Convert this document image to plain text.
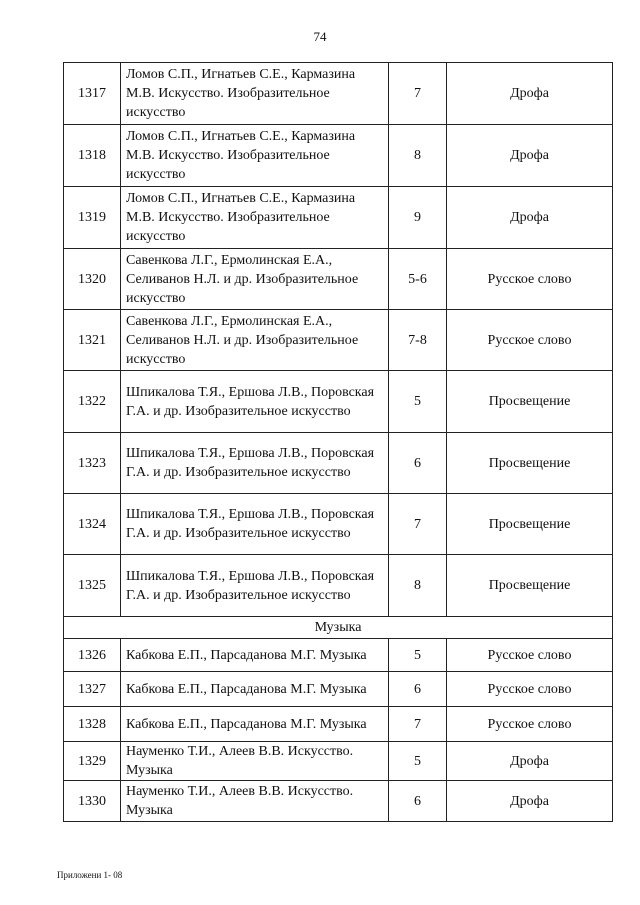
74
1317	Ломов С.П., Игнатьев С.Е., Кармазина М.В. Искусство. Изобразительное искусство	7	Дрофа
1318	Ломов С.П., Игнатьев С.Е., Кармазина М.В. Искусство. Изобразительное искусство	8	Дрофа
1319	Ломов С.П., Игнатьев С.Е., Кармазина М.В. Искусство. Изобразительное искусство	9	Дрофа
1320	Савенкова Л.Г., Ермолинская Е.А., Селиванов Н.Л. и др. Изобразительное искусство	5-6	Русское слово
1321	Савенкова Л.Г., Ермолинская Е.А., Селиванов Н.Л. и др. Изобразительное искусство	7-8	Русское слово
1322	Шпикалова Т.Я., Ершова Л.В., Поровская Г.А. и др. Изобразительное искусство	5	Просвещение
1323	Шпикалова Т.Я., Ершова Л.В., Поровская Г.А. и др. Изобразительное искусство	6	Просвещение
1324	Шпикалова Т.Я., Ершова Л.В., Поровская Г.А. и др. Изобразительное искусство	7	Просвещение
1325	Шпикалова Т.Я., Ершова Л.В., Поровская Г.А. и др. Изобразительное искусство	8	Просвещение
Музыка			
1326	Кабкова Е.П., Парсаданова М.Г. Музыка	5	Русское слово
1327	Кабкова Е.П., Парсаданова М.Г. Музыка	6	Русское слово
1328	Кабкова Е.П., Парсаданова М.Г. Музыка	7	Русское слово
1329	Науменко Т.И., Алеев В.В. Искусство. Музыка	5	Дрофа
1330	Науменко Т.И., Алеев В.В. Искусство. Музыка	6	Дрофа
Приложени 1- 08
